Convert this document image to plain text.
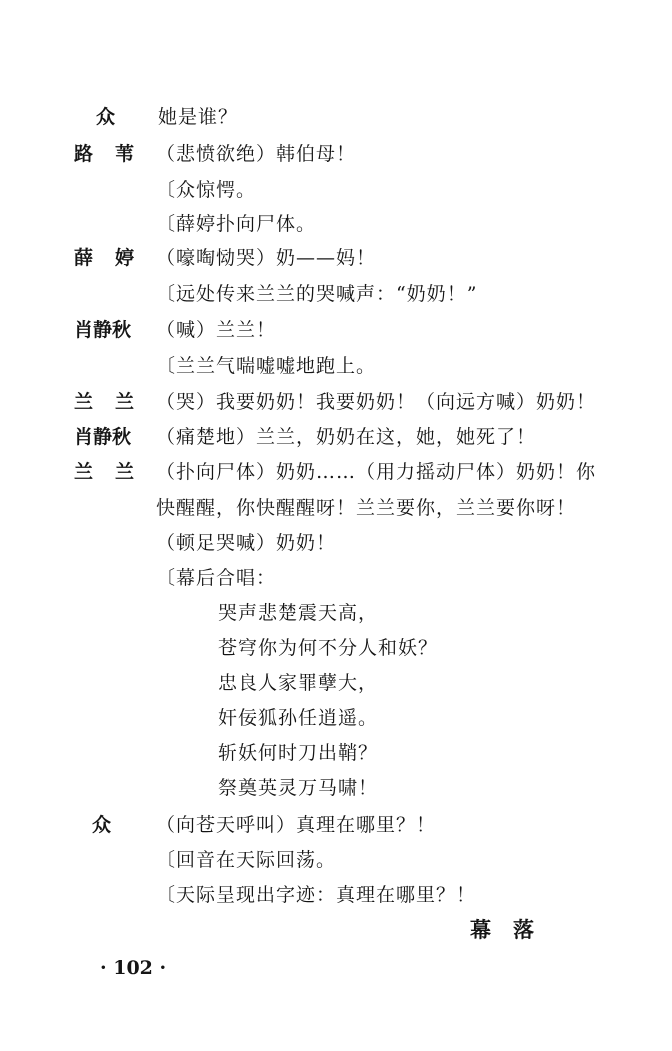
众 她是谁？
路苇 （悲愤欲绝）韩伯母！
〔众惊愕。
〔薛婷扑向尸体。
薛婷 （嚎啕恸哭）奶——妈！
〔远处传来兰兰的哭喊声：“奶奶！”
肖静秋 （喊）兰兰！
〔兰兰气喘嘘嘘地跑上。
兰兰 （哭）我要奶奶！我要奶奶！（向远方喊）奶奶！
肖静秋 （痛楚地）兰兰，奶奶在这，她，她死了！
兰兰 （扑向尸体）奶奶……（用力摇动尸体）奶奶！你
快醒醒，你快醒醒呀！兰兰要你，兰兰要你呀！
（顿足哭喊）奶奶！
〔幕后合唱：
哭声悲楚震天高，
苍穹你为何不分人和妖？
忠良人家罪孽大，
奸佞狐孙任逍遥。
斩妖何时刀出鞘？
祭奠英灵万马啸！
众 （向苍天呼叫）真理在哪里？！
〔回音在天际回荡。
〔天际呈现出字迹：真理在哪里？！
幕落
· 102 ·
